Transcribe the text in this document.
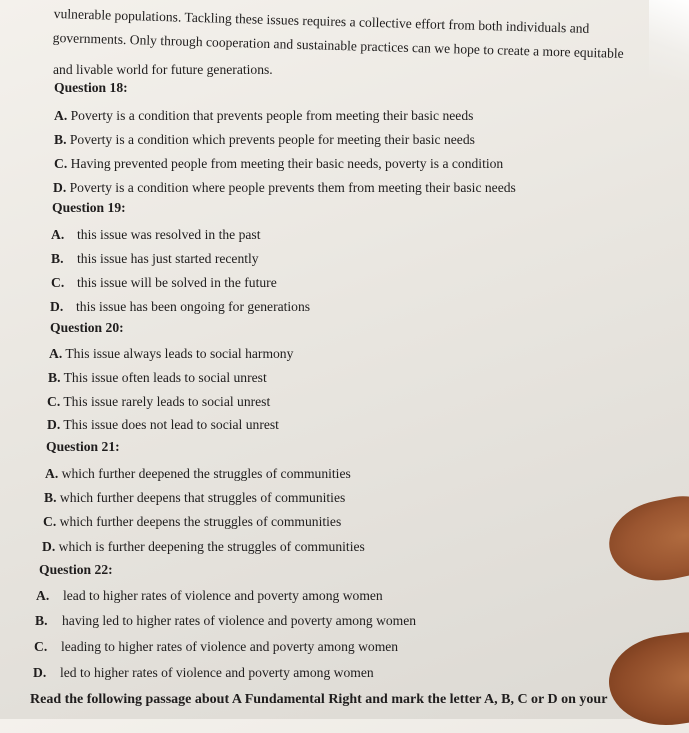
vulnerable populations. Tackling these issues requires a collective effort from both individuals and
governments. Only through cooperation and sustainable practices can we hope to create a more equitable
and livable world for future generations.
Question 18:
A. Poverty is a condition that prevents people from meeting their basic needs
B. Poverty is a condition which prevents people for meeting their basic needs
C. Having prevented people from meeting their basic needs, poverty is a condition
D. Poverty is a condition where people prevents them from meeting their basic needs
Question 19:
A. this issue was resolved in the past
B. this issue has just started recently
C. this issue will be solved in the future
D. this issue has been ongoing for generations
Question 20:
A. This issue always leads to social harmony
B. This issue often leads to social unrest
C. This issue rarely leads to social unrest
D. This issue does not lead to social unrest
Question 21:
A. which further deepened the struggles of communities
B. which further deepens that struggles of communities
C. which further deepens the struggles of communities
D. which is further deepening the struggles of communities
Question 22:
A. lead to higher rates of violence and poverty among women
B. having led to higher rates of violence and poverty among women
C. leading to higher rates of violence and poverty among women
D. led to higher rates of violence and poverty among women
Read the following passage about A Fundamental Right and mark the letter A, B, C or D on your
